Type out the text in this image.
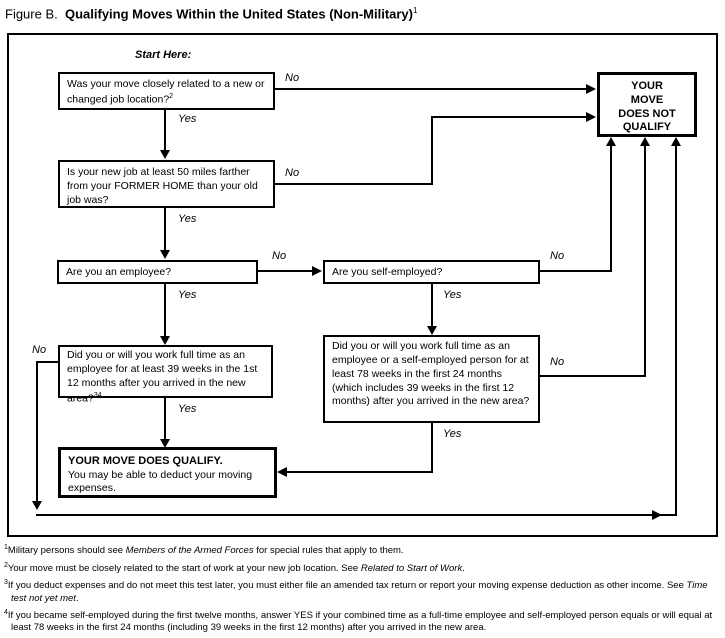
Figure B. Qualifying Moves Within the United States (Non-Military)$^1$
Start Here:
Was your move closely related to a new or changed job location?$^2$
Is your new job at least 50 miles farther from your FORMER HOME than your old job was?
Are you an employee?	Are you self-employed?
Did you or will you work full time as an employee for at least 39 weeks in the 1st 12 months after you arrived in the new area?$^{34}$
Did you or will you work full time as an employee or a self-employed person for at least 78 weeks in the first 24 months (which includes 39 weeks in the first 12 months) after you arrived in the new area?
YOUR MOVE DOES QUALIFY.
You may be able to deduct your moving expenses.
YOUR
MOVE
DOES NOT
QUALIFY
No
Yes
No
Yes
No
Yes
No
Yes
No
Yes
No
Yes
$^1$Military persons should see Members of the Armed Forces for special rules that apply to them.
$^2$Your move must be closely related to the start of work at your new job location. See Related to Start of Work.
$^3$If you deduct expenses and do not meet this test later, you must either file an amended tax return or report your moving expense deduction as other income. See Time test not yet met.
$^4$If you became self-employed during the first twelve months, answer YES if your combined time as a full-time employee and self-employed person equals or will equal at least 78 weeks in the first 24 months (including 39 weeks in the first 12 months) after you arrived in the new area.
